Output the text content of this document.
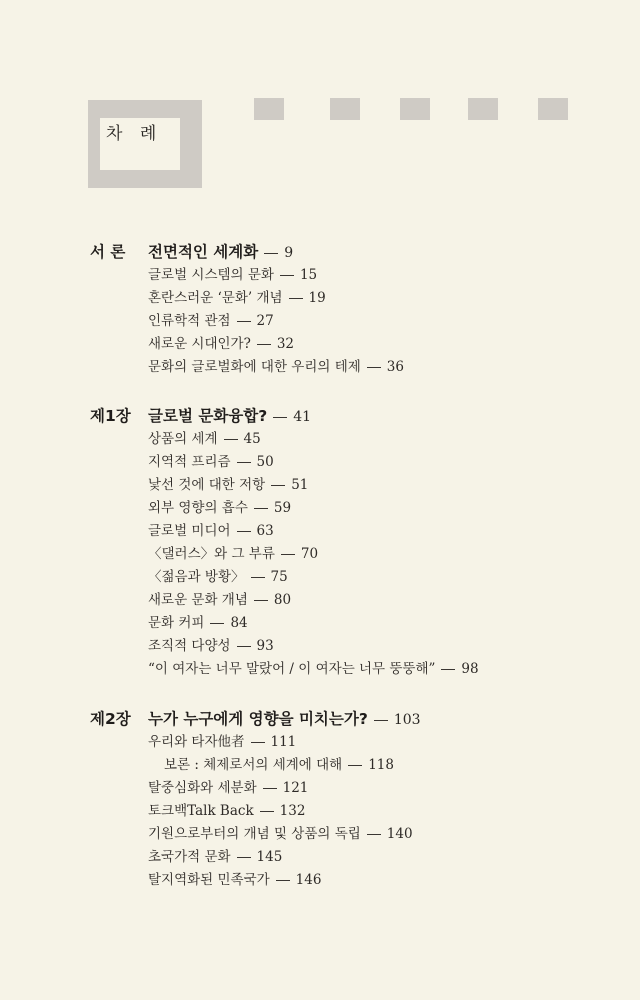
차 례
서 론 전면적인 세계화 9
글로벌 시스템의 문화 15
혼란스러운 ‘문화’ 개념 19
인류학적 관점 27
새로운 시대인가? 32
문화의 글로벌화에 대한 우리의 테제 36
제1장 글로벌 문화융합? 41
상품의 세계 45
지역적 프리즘 50
낯선 것에 대한 저항 51
외부 영향의 흡수 59
글로벌 미디어 63
〈댈러스〉와 그 부류 70
〈젊음과 방황〉 75
새로운 문화 개념 80
문화 커피 84
조직적 다양성 93
“이 여자는 너무 말랐어 / 이 여자는 너무 뚱뚱해” 98
제2장 누가 누구에게 영향을 미치는가? 103
우리와 타자他者 111
보론 : 체제로서의 세계에 대해 118
탈중심화와 세분화 121
토크백Talk Back 132
기원으로부터의 개념 및 상품의 독립 140
초국가적 문화 145
탈지역화된 민족국가 146
